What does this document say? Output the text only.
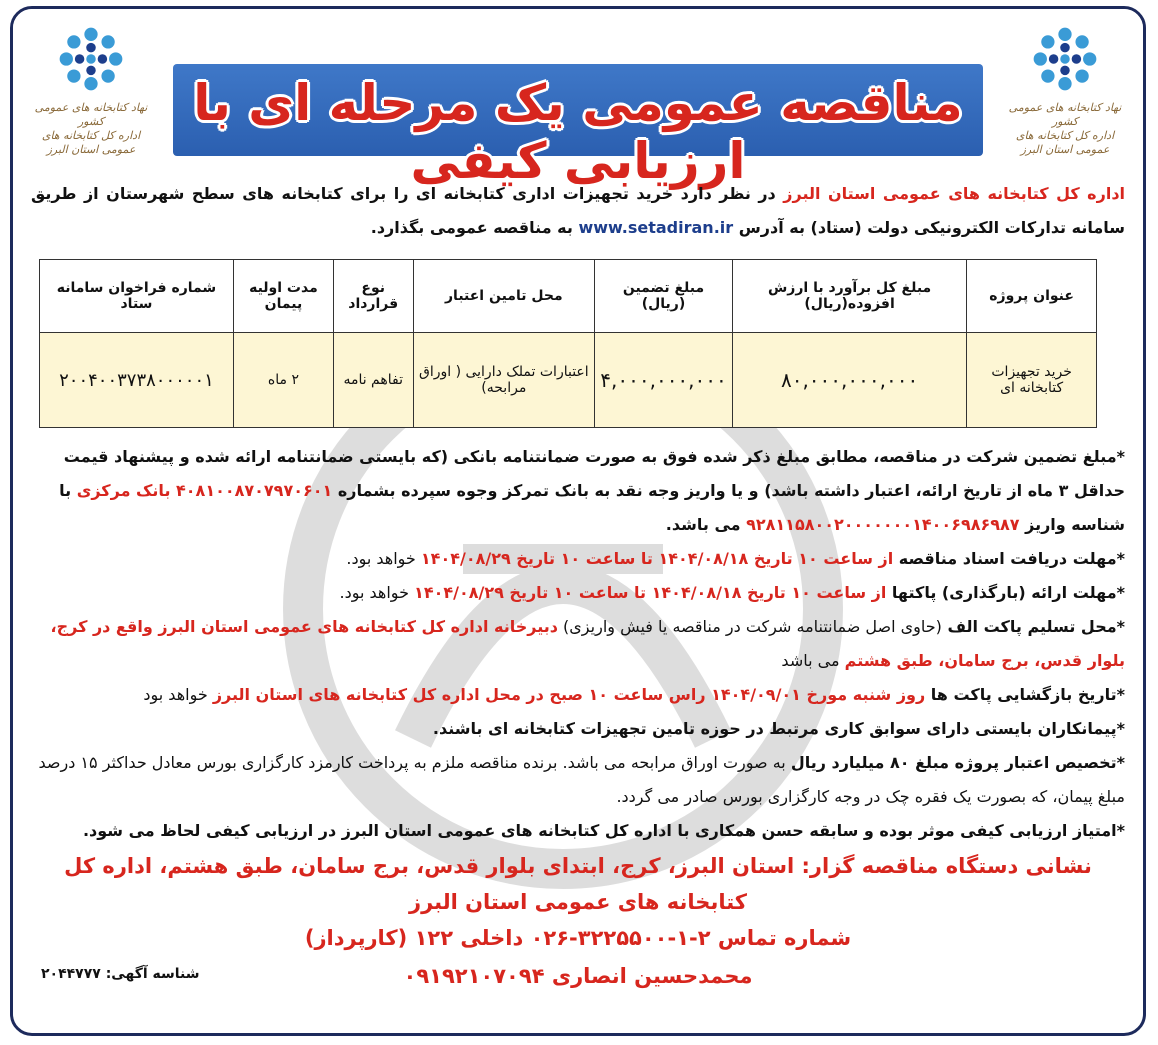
نهاد کتابخانه های عمومی کشور
اداره کل کتابخانه های عمومی استان البرز
نهاد کتابخانه های عمومی کشور
اداره کل کتابخانه های عمومی استان البرز
مناقصه عمومی یک مرحله ای با ارزیابی کیفی

اداره کل کتابخانه های عمومی استان البرز در نظر دارد خرید تجهیزات اداری کتابخانه ای را برای کتابخانه های سطح شهرستان از طریق سامانه تدارکات الکترونیکی دولت (ستاد) به آدرس www.setadiran.ir به مناقصه عمومی بگذارد.

عنوان پروژه	مبلغ کل برآورد با ارزش افزوده(ریال)	مبلغ تضمین (ریال)	محل تامین اعتبار	نوع قرارداد	مدت اولیه پیمان	شماره فراخوان سامانه ستاد
خرید تجهیزات کتابخانه ای	۸۰,۰۰۰,۰۰۰,۰۰۰	۴,۰۰۰,۰۰۰,۰۰۰	اعتبارات تملک دارایی ( اوراق مرابحه)	تفاهم نامه	۲ ماه	۲۰۰۴۰۰۳۷۳۸۰۰۰۰۰۱
*مبلغ تضمین شرکت در مناقصه، مطابق مبلغ ذکر شده فوق به صورت ضمانتنامه بانکی (که بایستی ضمانتنامه ارائه شده و پیشنهاد قیمت حداقل ۳ ماه از تاریخ ارائه، اعتبار داشته باشد) و یا واریز وجه نقد به بانک تمرکز وجوه سپرده بشماره ۴۰۸۱۰۰۸۷۰۷۹۷۰۶۰۱ بانک مرکزی با شناسه واریز ۹۲۸۱۱۵۸۰۰۲۰۰۰۰۰۰۰۱۴۰۰۶۹۸۶۹۸۷ می باشد.
*مهلت دریافت اسناد مناقصه از ساعت ۱۰ تاریخ ۱۴۰۴/۰۸/۱۸ تا ساعت ۱۰ تاریخ ۱۴۰۴/۰۸/۲۹ خواهد بود.
*مهلت ارائه (بارگذاری) پاکتها از ساعت ۱۰ تاریخ ۱۴۰۴/۰۸/۱۸ تا ساعت ۱۰ تاریخ ۱۴۰۴/۰۸/۲۹ خواهد بود.
*محل تسلیم پاکت الف (حاوی اصل ضمانتنامه شرکت در مناقصه یا فیش واریزی) دبیرخانه اداره کل کتابخانه های عمومی استان البرز واقع در کرج، بلوار قدس، برج سامان، طبق هشتم می باشد
*تاریخ بازگشایی پاکت ها روز شنبه مورخ ۱۴۰۴/۰۹/۰۱ راس ساعت ۱۰ صبح در محل اداره کل کتابخانه های استان البرز خواهد بود
*پیمانکاران بایستی دارای سوابق کاری مرتبط در حوزه تامین تجهیزات کتابخانه ای باشند.
*تخصیص اعتبار پروژه مبلغ ۸۰ میلیارد ریال به صورت اوراق مرابحه می باشد. برنده مناقصه ملزم به پرداخت کارمزد کارگزاری بورس معادل حداکثر ۱۵ درصد مبلغ پیمان، که بصورت یک فقره چک در وجه کارگزاری بورس صادر می گردد.
*امتیاز ارزیابی کیفی موثر بوده و سابقه حسن همکاری با اداره کل کتابخانه های عمومی استان البرز در ارزیابی کیفی لحاظ می شود.
نشانی دستگاه مناقصه گزار: استان البرز، کرج، ابتدای بلوار قدس، برج سامان، طبق هشتم، اداره کل کتابخانه های عمومی استان البرز
شماره تماس ۲-۱-۳۲۲۵۵۰۰-۰۲۶ داخلی ۱۲۲ (کارپرداز)
محمدحسین انصاری ۰۹۱۹۲۱۰۷۰۹۴
شناسه آگهی: ۲۰۴۴۷۷۷
